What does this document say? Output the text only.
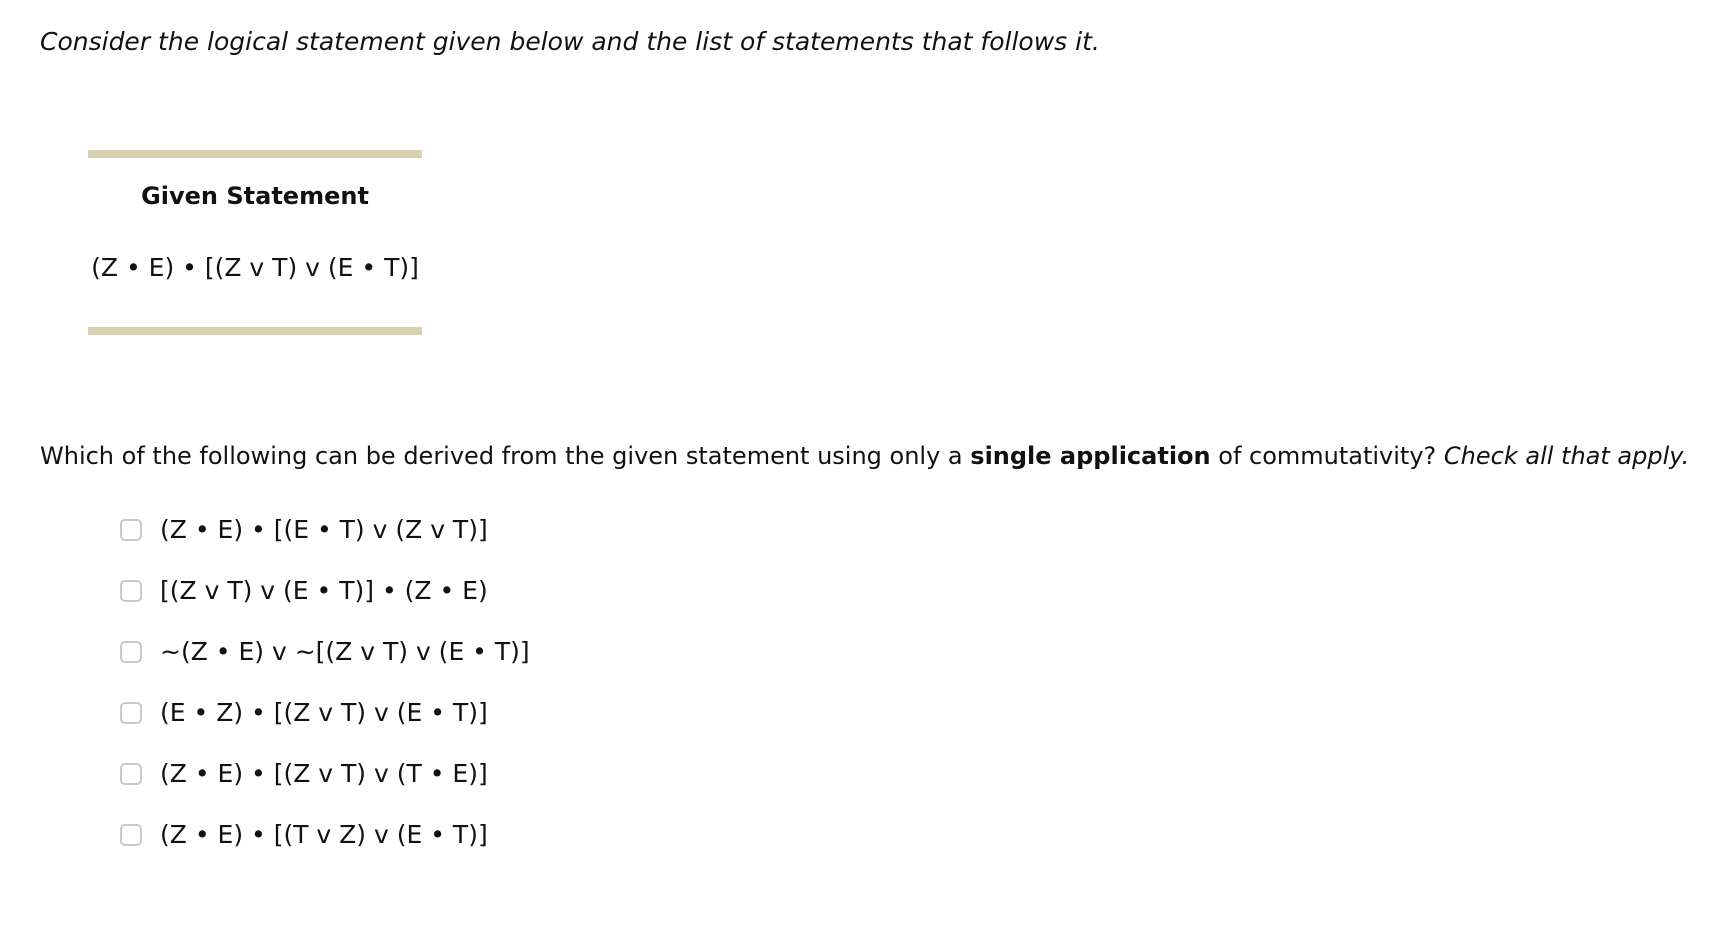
Consider the logical statement given below and the list of statements that follows it.
Given Statement
(Z • E) • [(Z v T) v (E • T)]
Which of the following can be derived from the given statement using only a single application of commutativity? Check all that apply.
(Z • E) • [(E • T) v (Z v T)]
[(Z v T) v (E • T)] • (Z • E)
~(Z • E) v ~[(Z v T) v (E • T)]
(E • Z) • [(Z v T) v (E • T)]
(Z • E) • [(Z v T) v (T • E)]
(Z • E) • [(T v Z) v (E • T)]
